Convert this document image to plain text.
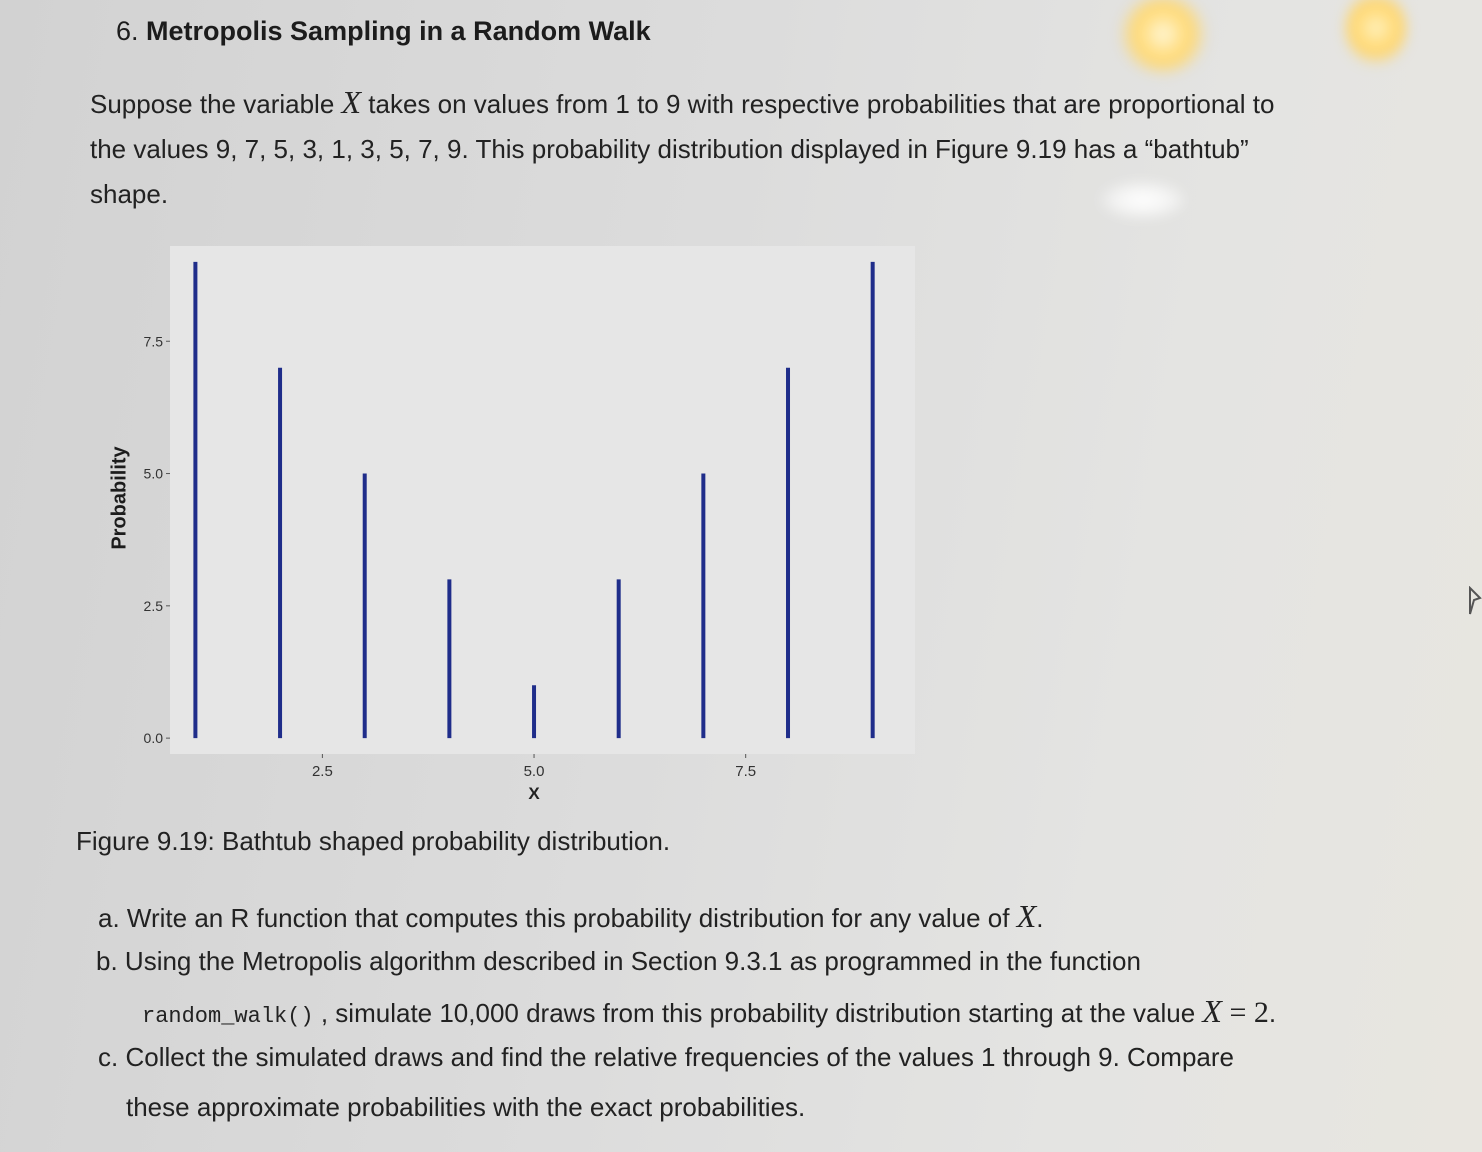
6. Metropolis Sampling in a Random Walk
Suppose the variable X takes on values from 1 to 9 with respective probabilities that are proportional to
the values 9, 7, 5, 3, 1, 3, 5, 7, 9. This probability distribution displayed in Figure 9.19 has a “bathtub”
shape.
0.0
2.5
5.0
7.5
2.5	5.0	7.5
X
Probability
Figure 9.19: Bathtub shaped probability distribution.
a. Write an R function that computes this probability distribution for any value of X.
b. Using the Metropolis algorithm described in Section 9.3.1 as programmed in the function
random_walk() , simulate 10,000 draws from this probability distribution starting at the value X = 2.
c. Collect the simulated draws and find the relative frequencies of the values 1 through 9. Compare
these approximate probabilities with the exact probabilities.
